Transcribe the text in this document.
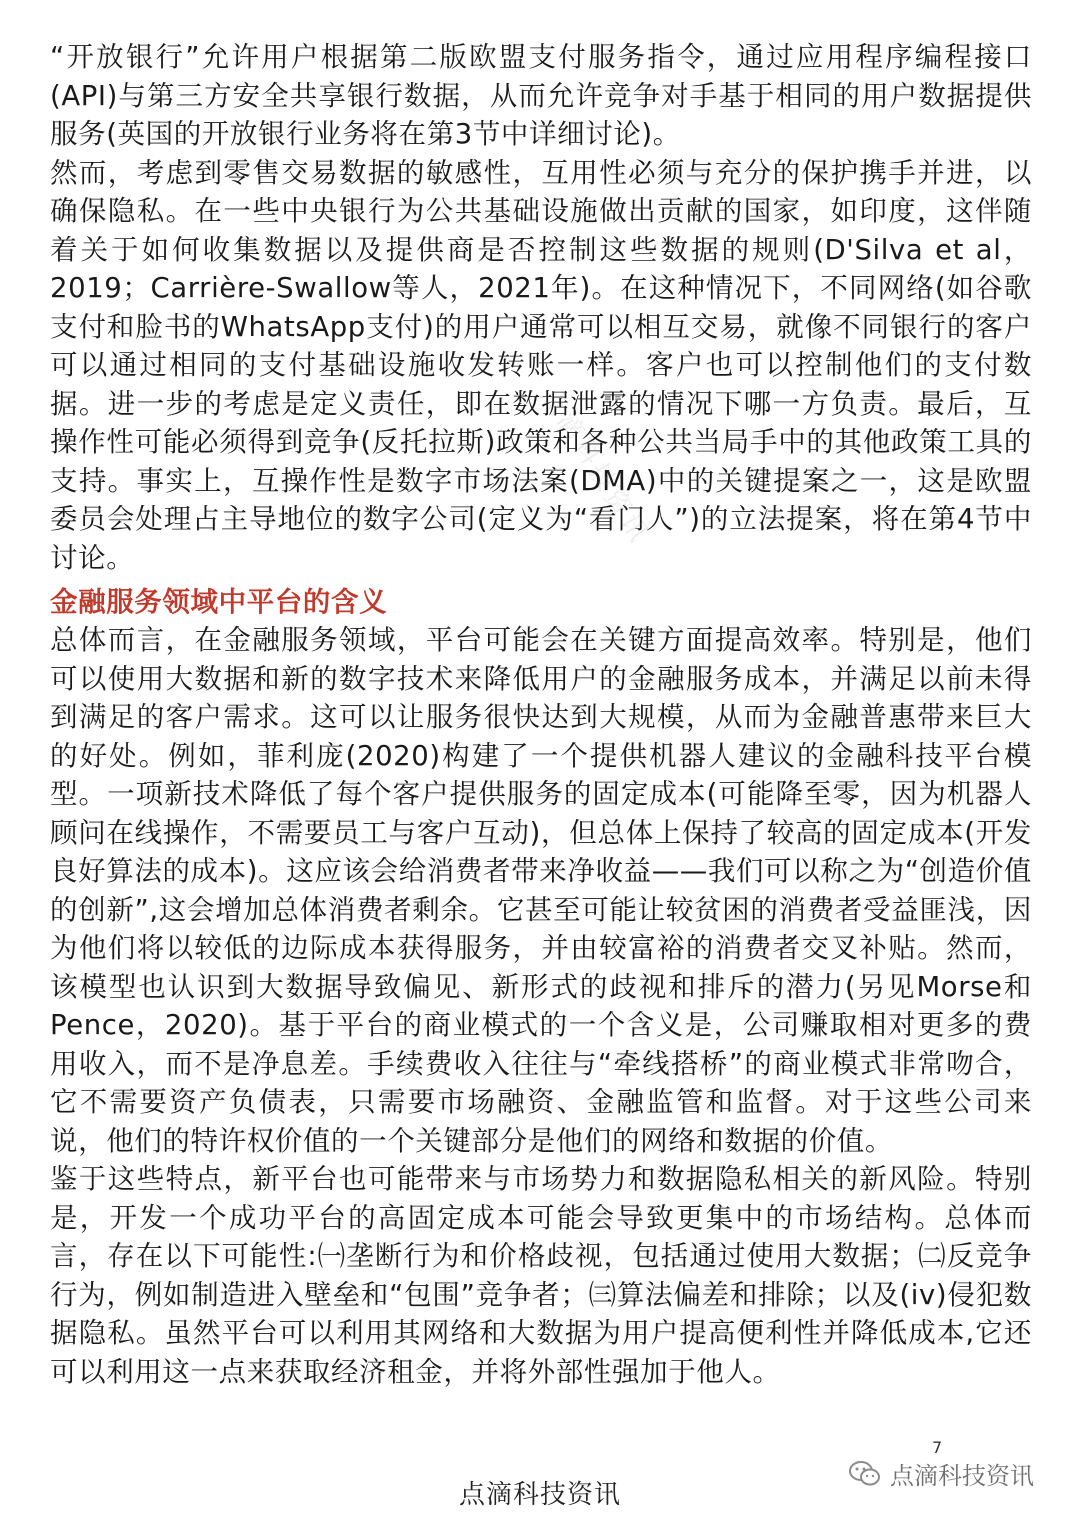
“开放银行”允许用户根据第二版欧盟支付服务指令，通过应用程序编程接口(API)与第三方安全共享银行数据，从而允许竞争对手基于相同的用户数据提供服务(英国的开放银行业务将在第3节中详细讨论)。

然而，考虑到零售交易数据的敏感性，互用性必须与充分的保护携手并进，以确保隐私。在一些中央银行为公共基础设施做出贡献的国家，如印度，这伴随着关于如何收集数据以及提供商是否控制这些数据的规则(D'Silva et al，2019；Carrière-Swallow等人，2021年)。在这种情况下，不同网络(如谷歌支付和脸书的WhatsApp支付)的用户通常可以相互交易，就像不同银行的客户可以通过相同的支付基础设施收发转账一样。客户也可以控制他们的支付数据。进一步的考虑是定义责任，即在数据泄露的情况下哪一方负责。最后，互操作性可能必须得到竞争(反托拉斯)政策和各种公共当局手中的其他政策工具的支持。事实上，互操作性是数字市场法案(DMA)中的关键提案之一，这是欧盟委员会处理占主导地位的数字公司(定义为“看门人”)的立法提案，将在第4节中讨论。

金融服务领域中平台的含义

总体而言，在金融服务领域，平台可能会在关键方面提高效率。特别是，他们可以使用大数据和新的数字技术来降低用户的金融服务成本，并满足以前未得到满足的客户需求。这可以让服务很快达到大规模，从而为金融普惠带来巨大的好处。例如，菲利庞(2020)构建了一个提供机器人建议的金融科技平台模型。一项新技术降低了每个客户提供服务的固定成本(可能降至零，因为机器人顾问在线操作，不需要员工与客户互动)，但总体上保持了较高的固定成本(开发良好算法的成本)。这应该会给消费者带来净收益——我们可以称之为“创造价值的创新”,这会增加总体消费者剩余。它甚至可能让较贫困的消费者受益匪浅，因为他们将以较低的边际成本获得服务，并由较富裕的消费者交叉补贴。然而，该模型也认识到大数据导致偏见、新形式的歧视和排斥的潜力(另见Morse和Pence，2020)。基于平台的商业模式的一个含义是，公司赚取相对更多的费用收入，而不是净息差。手续费收入往往与“牵线搭桥”的商业模式非常吻合，它不需要资产负债表，只需要市场融资、金融监管和监督。对于这些公司来说，他们的特许权价值的一个关键部分是他们的网络和数据的价值。

鉴于这些特点，新平台也可能带来与市场势力和数据隐私相关的新风险。特别是，开发一个成功平台的高固定成本可能会导致更集中的市场结构。总体而言，存在以下可能性:㈠垄断行为和价格歧视，包括通过使用大数据；㈡反竞争行为，例如制造进入壁垒和“包围”竞争者；㈢算法偏差和排除；以及(iv)侵犯数据隐私。虽然平台可以利用其网络和大数据为用户提高便利性并降低成本,它还可以利用这一点来获取经济租金，并将外部性强加于他人。

点滴科技资讯
7
点滴科技资讯
点滴科技资讯
